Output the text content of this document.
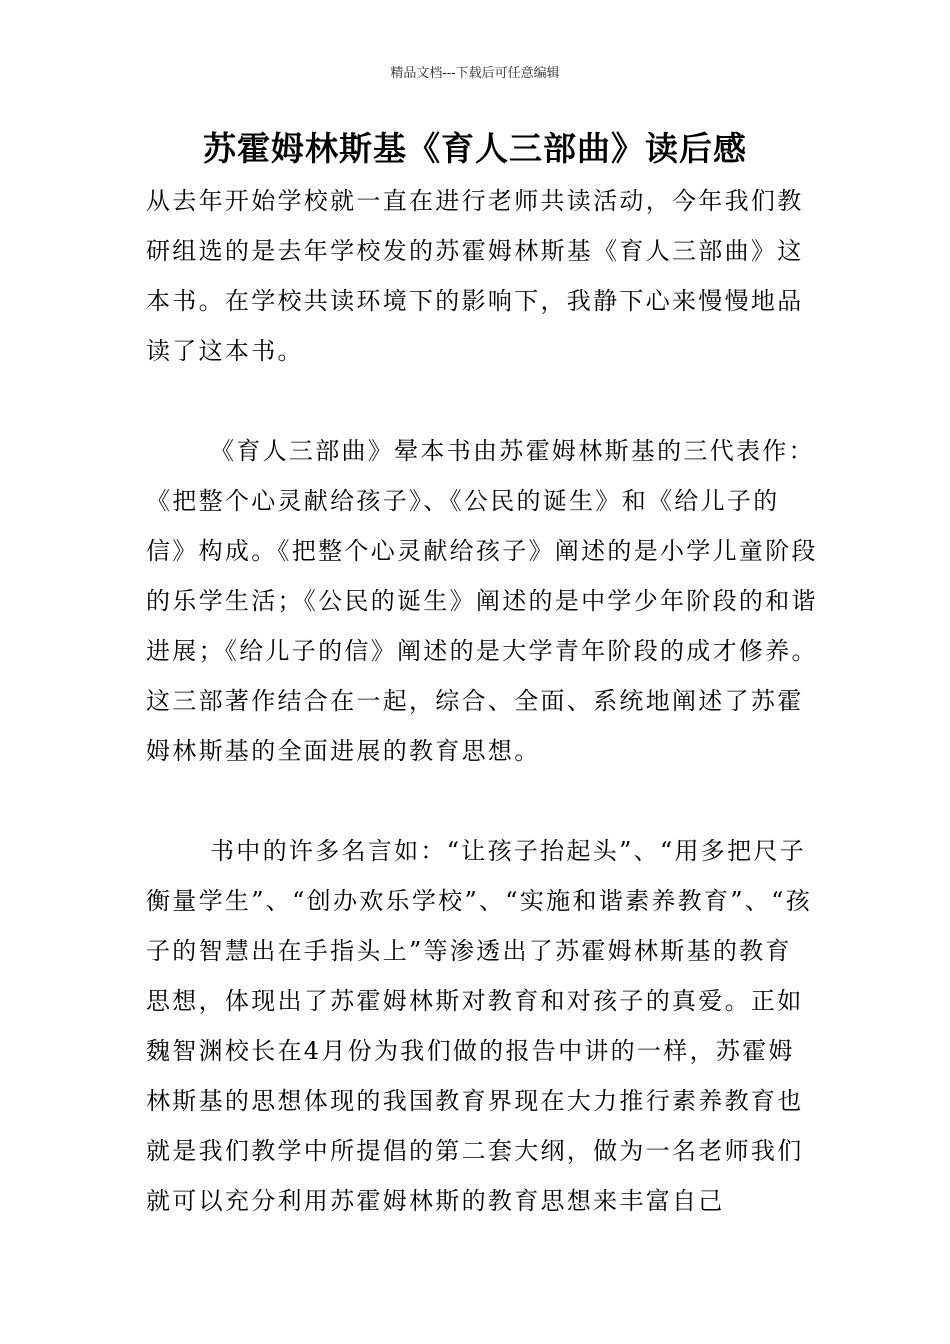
精品文档---下载后可任意编辑
苏霍姆林斯基《育人三部曲》读后感

从去年开始学校就一直在进行老师共读活动，今年我们教研组选的是去年学校发的苏霍姆林斯基《育人三部曲》这本书。在学校共读环境下的影响下，我静下心来慢慢地品读了这本书。

《育人三部曲》晕本书由苏霍姆林斯基的三代表作：《把整个心灵献给孩子》、《公民的诞生》和《给儿子的信》构成。《把整个心灵献给孩子》阐述的是小学儿童阶段的乐学生活；《公民的诞生》阐述的是中学少年阶段的和谐进展；《给儿子的信》阐述的是大学青年阶段的成才修养。这三部著作结合在一起，综合、全面、系统地阐述了苏霍姆林斯基的全面进展的教育思想。

书中的许多名言如：“让孩子抬起头”、“用多把尺子衡量学生”、“创办欢乐学校”、“实施和谐素养教育”、“孩子的智慧出在手指头上”等渗透出了苏霍姆林斯基的教育思想，体现出了苏霍姆林斯对教育和对孩子的真爱。正如魏智渊校长在4月份为我们做的报告中讲的一样，苏霍姆林斯基的思想体现的我国教育界现在大力推行素养教育也就是我们教学中所提倡的第二套大纲，做为一名老师我们就可以充分利用苏霍姆林斯的教育思想来丰富自己
